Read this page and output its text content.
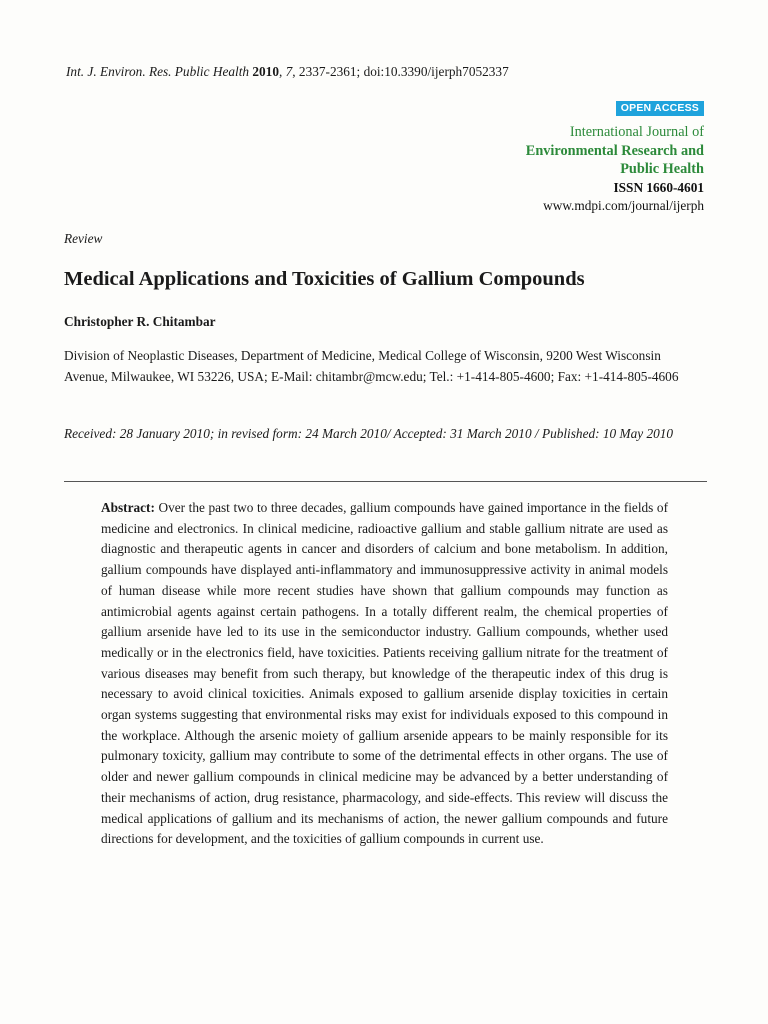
Int. J. Environ. Res. Public Health 2010, 7, 2337-2361; doi:10.3390/ijerph7052337
OPEN ACCESS
International Journal of
Environmental Research and
Public Health
ISSN 1660-4601
www.mdpi.com/journal/ijerph
Review
Medical Applications and Toxicities of Gallium Compounds
Christopher R. Chitambar
Division of Neoplastic Diseases, Department of Medicine, Medical College of Wisconsin, 9200 West Wisconsin Avenue, Milwaukee, WI 53226, USA; E-Mail: chitambr@mcw.edu; Tel.: +1-414-805-4600; Fax: +1-414-805-4606
Received: 28 January 2010; in revised form: 24 March 2010/ Accepted: 31 March 2010 / Published: 10 May 2010
Abstract: Over the past two to three decades, gallium compounds have gained importance in the fields of medicine and electronics. In clinical medicine, radioactive gallium and stable gallium nitrate are used as diagnostic and therapeutic agents in cancer and disorders of calcium and bone metabolism. In addition, gallium compounds have displayed anti-inflammatory and immunosuppressive activity in animal models of human disease while more recent studies have shown that gallium compounds may function as antimicrobial agents against certain pathogens. In a totally different realm, the chemical properties of gallium arsenide have led to its use in the semiconductor industry. Gallium compounds, whether used medically or in the electronics field, have toxicities. Patients receiving gallium nitrate for the treatment of various diseases may benefit from such therapy, but knowledge of the therapeutic index of this drug is necessary to avoid clinical toxicities. Animals exposed to gallium arsenide display toxicities in certain organ systems suggesting that environmental risks may exist for individuals exposed to this compound in the workplace. Although the arsenic moiety of gallium arsenide appears to be mainly responsible for its pulmonary toxicity, gallium may contribute to some of the detrimental effects in other organs. The use of older and newer gallium compounds in clinical medicine may be advanced by a better understanding of their mechanisms of action, drug resistance, pharmacology, and side-effects. This review will discuss the medical applications of gallium and its mechanisms of action, the newer gallium compounds and future directions for development, and the toxicities of gallium compounds in current use.
